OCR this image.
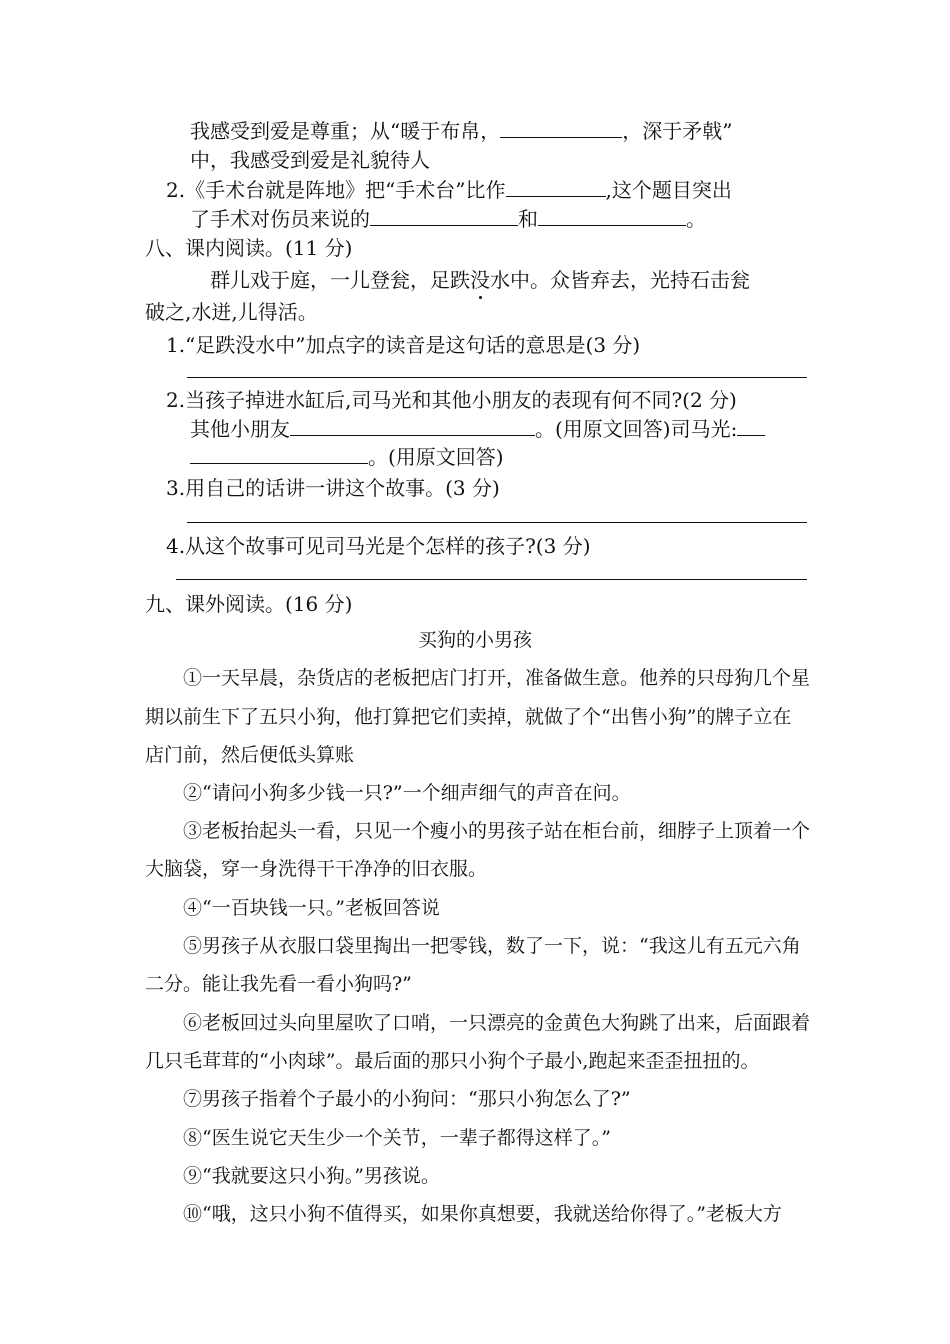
我感受到爱是尊重；从“暖于布帛，	，深于矛戟”
中，我感受到爱是礼貌待人
2.《手术台就是阵地》把“手术台”比作	,这个题目突出
了手术对伤员来说的	和	。
八、课内阅读。(11 分)
群儿戏于庭，一儿登瓮，足跌没水中。众皆弃去，光持石击瓮
破之,水迸,儿得活。
1.“足跌没水中”加点字的读音是这句话的意思是(3 分)
2.当孩子掉进水缸后,司马光和其他小朋友的表现有何不同?(2 分)
其他小朋友	。(用原文回答)司马光:
。(用原文回答)
3.用自己的话讲一讲这个故事。(3 分)
4.从这个故事可见司马光是个怎样的孩子?(3 分)
九、课外阅读。(16 分)
买狗的小男孩
①一天早晨，杂货店的老板把店门打开，准备做生意。他养的只母狗几个星
期以前生下了五只小狗，他打算把它们卖掉，就做了个“出售小狗”的牌子立在
店门前，然后便低头算账
②“请问小狗多少钱一只?”一个细声细气的声音在问。
③老板抬起头一看，只见一个瘦小的男孩子站在柜台前，细脖子上顶着一个
大脑袋，穿一身洗得干干净净的旧衣服。
④“一百块钱一只。”老板回答说
⑤男孩子从衣服口袋里掏出一把零钱，数了一下，说：“我这儿有五元六角
二分。能让我先看一看小狗吗?”
⑥老板回过头向里屋吹了口哨，一只漂亮的金黄色大狗跳了出来，后面跟着
几只毛茸茸的“小肉球”。最后面的那只小狗个子最小,跑起来歪歪扭扭的。
⑦男孩子指着个子最小的小狗问：“那只小狗怎么了?”
⑧“医生说它天生少一个关节，一辈子都得这样了。”
⑨“我就要这只小狗。”男孩说。
⑩“哦，这只小狗不值得买，如果你真想要，我就送给你得了。”老板大方
